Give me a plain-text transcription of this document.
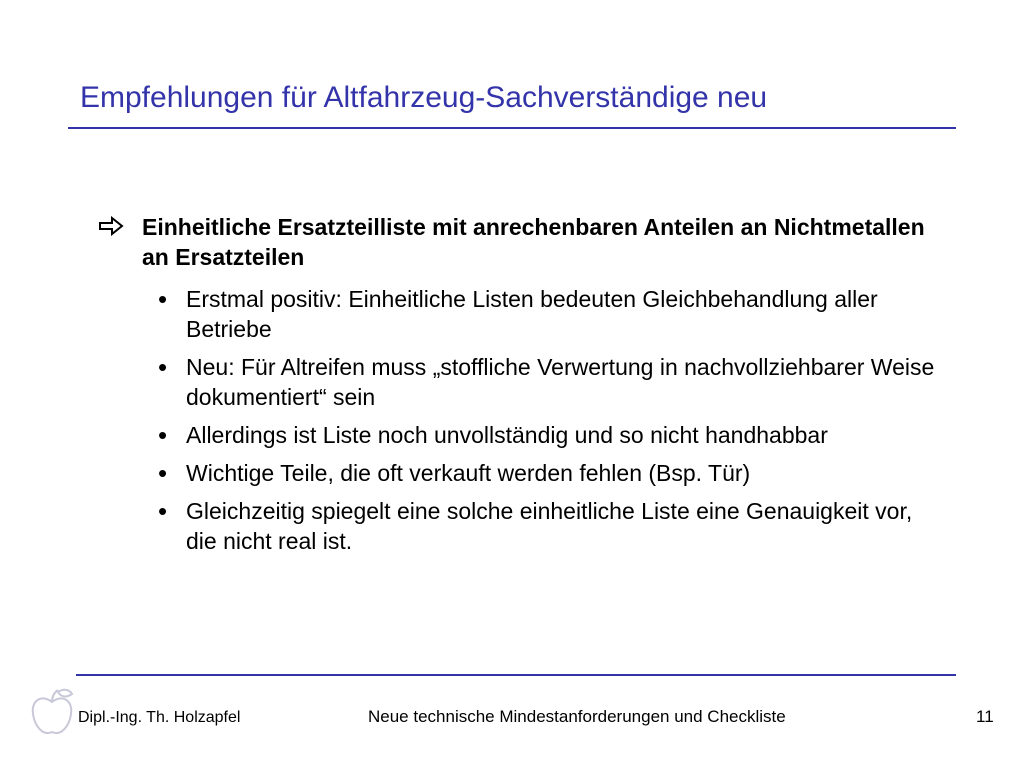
Empfehlungen für Altfahrzeug-Sachverständige neu
Einheitliche Ersatzteilliste mit anrechenbaren Anteilen an Nichtmetallen an Ersatzteilen
• Erstmal positiv: Einheitliche Listen bedeuten Gleichbehandlung aller Betriebe
• Neu: Für Altreifen muss „stoffliche Verwertung in nachvollziehbarer Weise dokumentiert“ sein
• Allerdings ist Liste noch unvollständig und so nicht handhabbar
• Wichtige Teile, die oft verkauft werden fehlen (Bsp. Tür)
• Gleichzeitig spiegelt eine solche einheitliche Liste eine Genauigkeit vor, die nicht real ist.
Dipl.-Ing. Th. Holzapfel	Neue technische Mindestanforderungen und Checkliste	11
